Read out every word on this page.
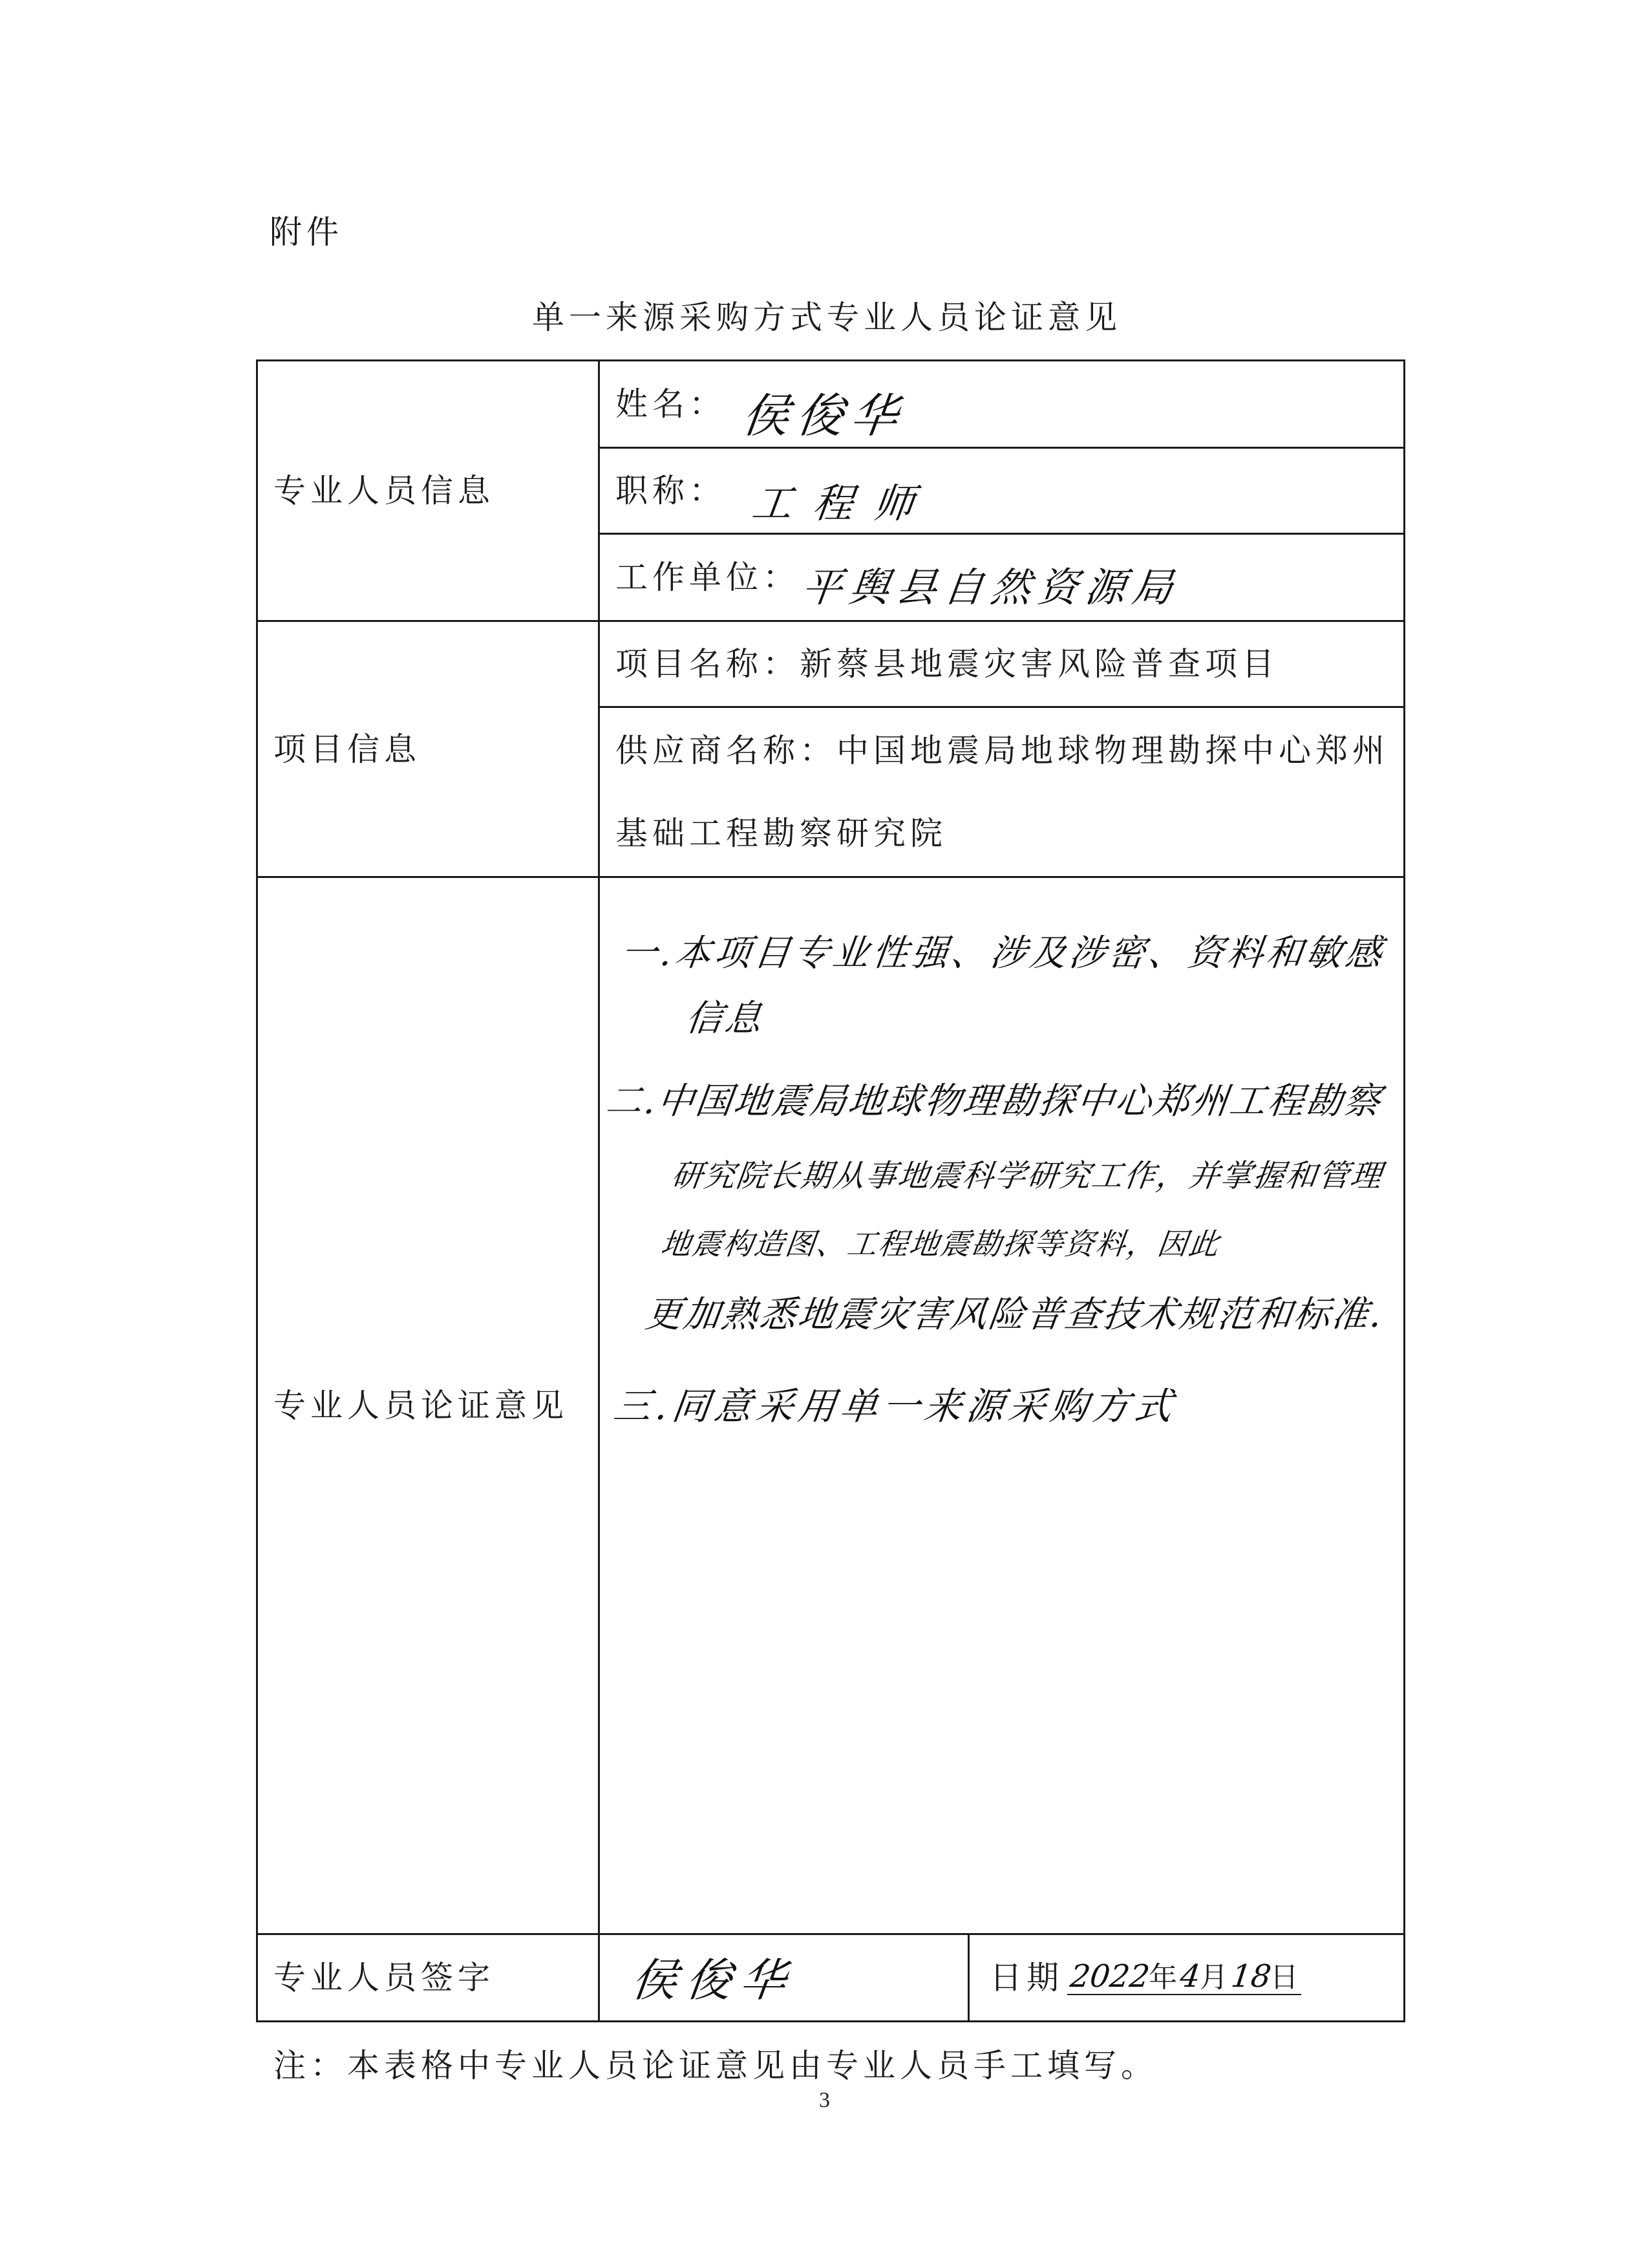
附件
单一来源采购方式专业人员论证意见
专业人员信息
项目信息
专业人员论证意见
专业人员签字
姓名： 侯俊华
职称： 工程师
工作单位： 平舆县自然资源局
项目名称： 新蔡县地震灾害风险普查项目
供应商名称：中国地震局地球物理勘探中心郑州基础工程勘察研究院
一.本项目专业性强、涉及涉密、资料和敏感
信息
二.中国地震局地球物理勘探中心郑州工程勘察
研究院长期从事地震科学研究工作，并掌握和管理
地震构造图、工程地震勘探等资料，因此
更加熟悉地震灾害风险普查技术规范和标准.
三.同意采用单一来源采购方式
侯俊华	日期 2022
年 4
月 18
日
注：本表格中专业人员论证意见由专业人员手工填写。
3
